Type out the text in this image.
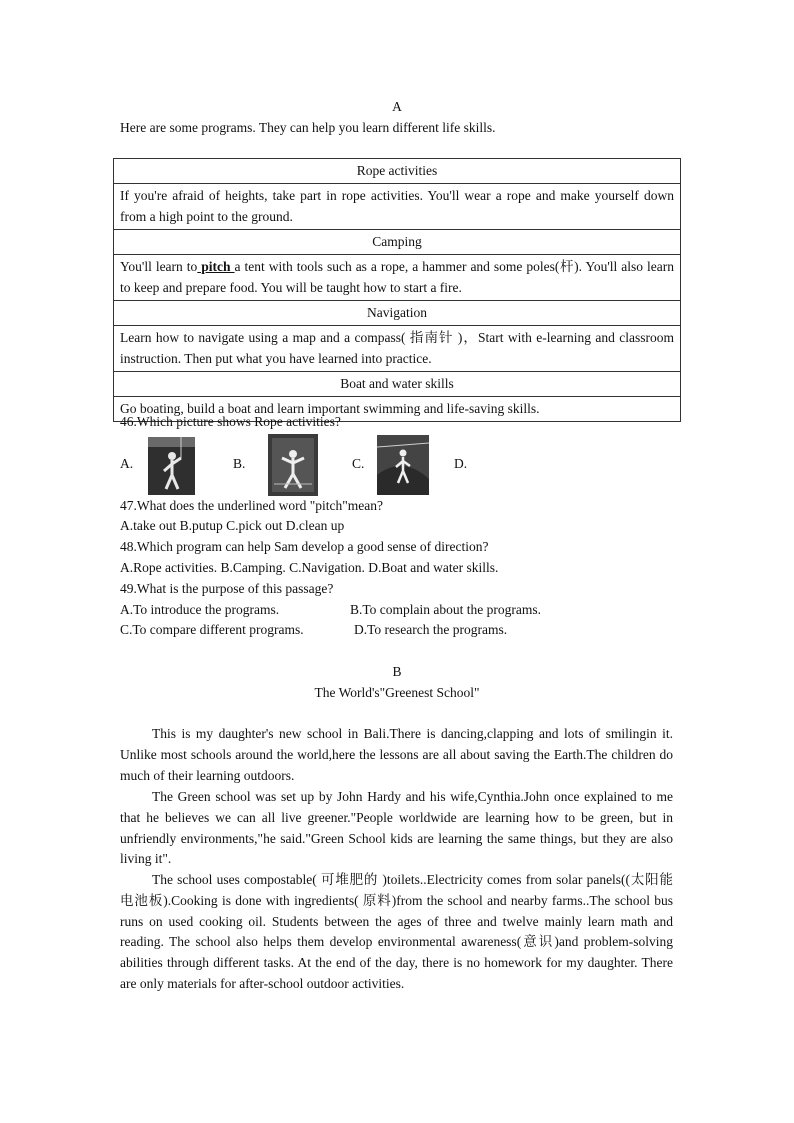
A
Here are some programs. They can help you learn different life skills.
Rope activities
If you're afraid of heights, take part in rope activities. You'll wear a rope and make yourself down from a high point to the ground.
Camping
You'll learn to pitch a tent with tools such as a rope, a hammer and some poles(杆). You'll also learn to keep and prepare food. You will be taught how to start a fire.
Navigation
Learn how to navigate using a map and a compass( 指南针 )，Start with e-learning and classroom instruction. Then put what you have learned into practice.
Boat and water skills
Go boating, build a boat and learn important swimming and life-saving skills.
46.Which picture shows Rope activities?
A.	B.	C.	D.
47.What does the underlined word "pitch"mean?
A.take out B.putup C.pick out D.clean up
48.Which program can help Sam develop a good sense of direction?
A.Rope activities. B.Camping. C.Navigation. D.Boat and water skills.
49.What is the purpose of this passage?
A.To introduce the programs.	B.To complain about the programs.
C.To compare different programs.	D.To research the programs.
B
The World's"Greenest School"
This is my daughter's new school in Bali.There is dancing,clapping and lots of smilingin it. Unlike most schools around the world,here the lessons are all about saving the Earth.The children do much of their learning outdoors.
The Green school was set up by John Hardy and his wife,Cynthia.John once explained to me that he believes we can all live greener."People worldwide are learning how to be green, but in unfriendly environments,"he said."Green School kids are learning the same things, but they are also living it".
The school uses compostable( 可堆肥的 )toilets..Electricity comes from solar panels((太阳能电池板).Cooking is done with ingredients( 原料)from the school and nearby farms..The school bus runs on used cooking oil. Students between the ages of three and twelve mainly learn math and reading. The school also helps them develop environmental awareness(意识)and problem-solving abilities through different tasks. At the end of the day, there is no homework for my daughter. There are only materials for after-school outdoor activities.
